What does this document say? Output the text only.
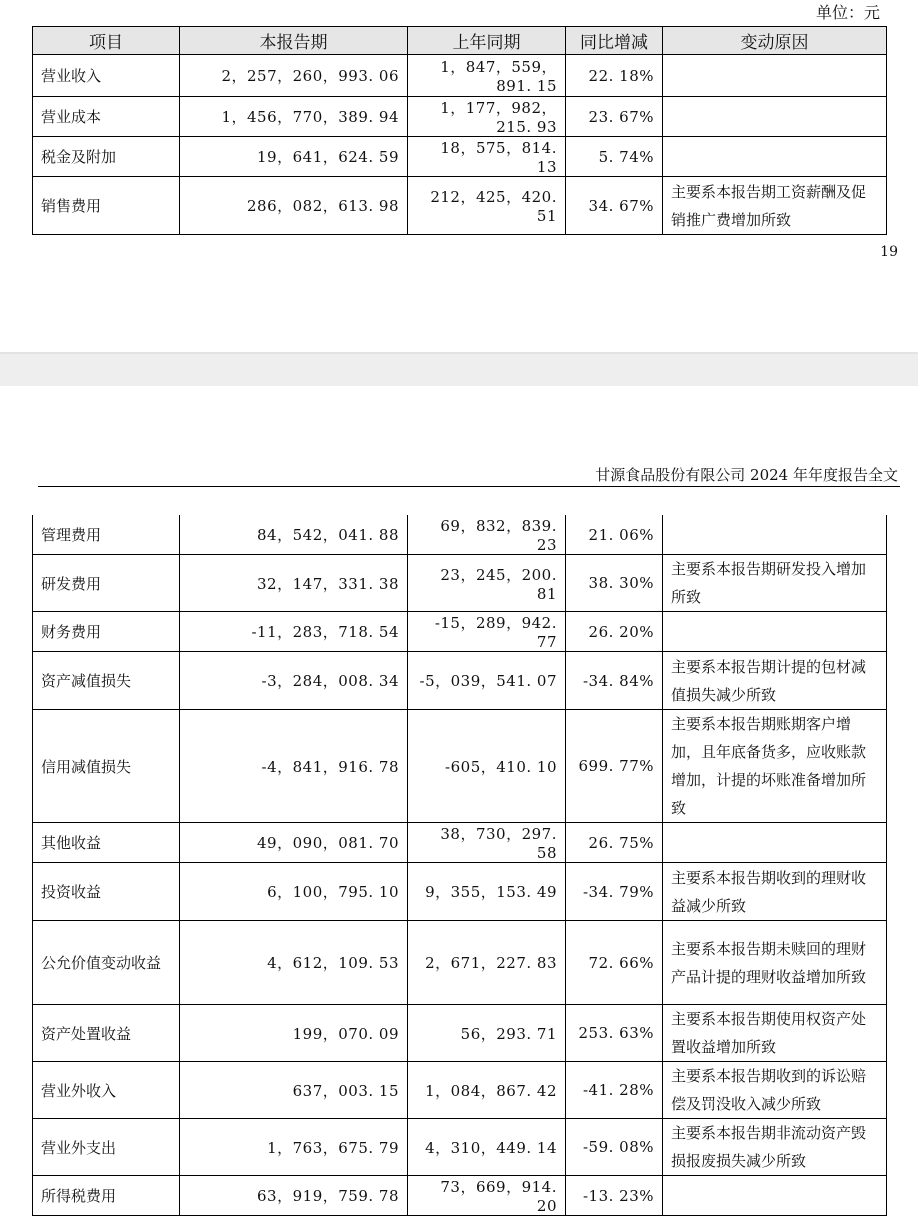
单位：元
项目	本报告期	上年同期	同比增减	变动原因
营业收入	2，257，260，993. 06	1，847，559，891. 15	22. 18%	
营业成本	1，456，770，389. 94	1，177，982，215. 93	23. 67%	
税金及附加	19，641，624. 59	18，575，814. 13	5. 74%	
销售费用	286，082，613. 98	212，425，420. 51	34. 67%	主要系本报告期工资薪酬及促销推广费增加所致
19
甘源食品股份有限公司 2024 年年度报告全文
管理费用	84，542，041. 88	69，832，839. 23	21. 06%	
研发费用	32，147，331. 38	23，245，200. 81	38. 30%	主要系本报告期研发投入增加所致
财务费用	-11，283，718. 54	-15，289，942. 77	26. 20%	
资产减值损失	-3，284，008. 34	-5，039，541. 07	-34. 84%	主要系本报告期计提的包材减值损失减少所致
信用减值损失	-4，841，916. 78	-605，410. 10	699. 77%	主要系本报告期账期客户增加，且年底备货多，应收账款增加，计提的坏账准备增加所致
其他收益	49，090，081. 70	38，730，297. 58	26. 75%	
投资收益	6，100，795. 10	9，355，153. 49	-34. 79%	主要系本报告期收到的理财收益减少所致
公允价值变动收益	4，612，109. 53	2，671，227. 83	72. 66%	主要系本报告期未赎回的理财产品计提的理财收益增加所致
资产处置收益	199，070. 09	56，293. 71	253. 63%	主要系本报告期使用权资产处置收益增加所致
营业外收入	637，003. 15	1，084，867. 42	-41. 28%	主要系本报告期收到的诉讼赔偿及罚没收入减少所致
营业外支出	1，763，675. 79	4，310，449. 14	-59. 08%	主要系本报告期非流动资产毁损报废损失减少所致
所得税费用	63，919，759. 78	73，669，914. 20	-13. 23%	
